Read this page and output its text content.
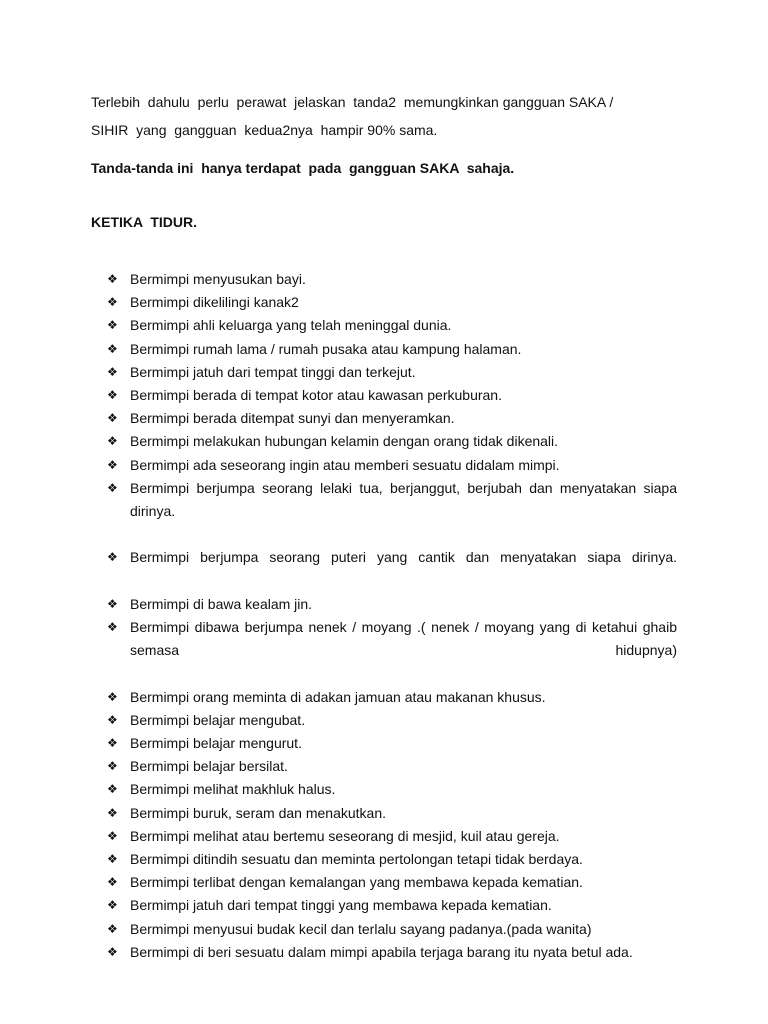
Terlebih  dahulu  perlu  perawat  jelaskan  tanda2  memungkinkan gangguan SAKA /
SIHIR  yang  gangguan  kedua2nya  hampir 90% sama.

Tanda-tanda ini  hanya terdapat  pada  gangguan SAKA  sahaja.

KETIKA  TIDUR.
❖ Bermimpi menyusukan bayi.
❖ Bermimpi dikelilingi kanak2
❖ Bermimpi ahli keluarga yang telah meninggal dunia.
❖ Bermimpi rumah lama / rumah pusaka atau kampung halaman.
❖ Bermimpi jatuh dari tempat tinggi dan terkejut.
❖ Bermimpi berada di tempat kotor atau kawasan perkuburan.
❖ Bermimpi berada ditempat sunyi dan menyeramkan.
❖ Bermimpi melakukan hubungan kelamin dengan orang tidak dikenali.
❖ Bermimpi ada seseorang ingin atau memberi sesuatu didalam mimpi.
❖ Bermimpi berjumpa seorang lelaki tua, berjanggut, berjubah dan menyatakan siapa dirinya.
❖ Bermimpi berjumpa seorang puteri yang cantik dan menyatakan siapa dirinya.
❖ Bermimpi di bawa kealam jin.
❖ Bermimpi dibawa berjumpa nenek / moyang .( nenek / moyang yang di ketahui ghaib semasa hidupnya)
❖ Bermimpi orang meminta di adakan jamuan atau makanan khusus.
❖ Bermimpi belajar mengubat.
❖ Bermimpi belajar mengurut.
❖ Bermimpi belajar bersilat.
❖ Bermimpi melihat makhluk halus.
❖ Bermimpi buruk, seram dan menakutkan.
❖ Bermimpi melihat atau bertemu seseorang di mesjid, kuil atau gereja.
❖ Bermimpi ditindih sesuatu dan meminta pertolongan tetapi tidak berdaya.
❖ Bermimpi terlibat dengan kemalangan yang membawa kepada kematian.
❖ Bermimpi jatuh dari tempat tinggi yang membawa kepada kematian.
❖ Bermimpi menyusui budak kecil dan terlalu sayang padanya.(pada wanita)
❖ Bermimpi di beri sesuatu dalam mimpi apabila terjaga barang itu nyata betul ada.
